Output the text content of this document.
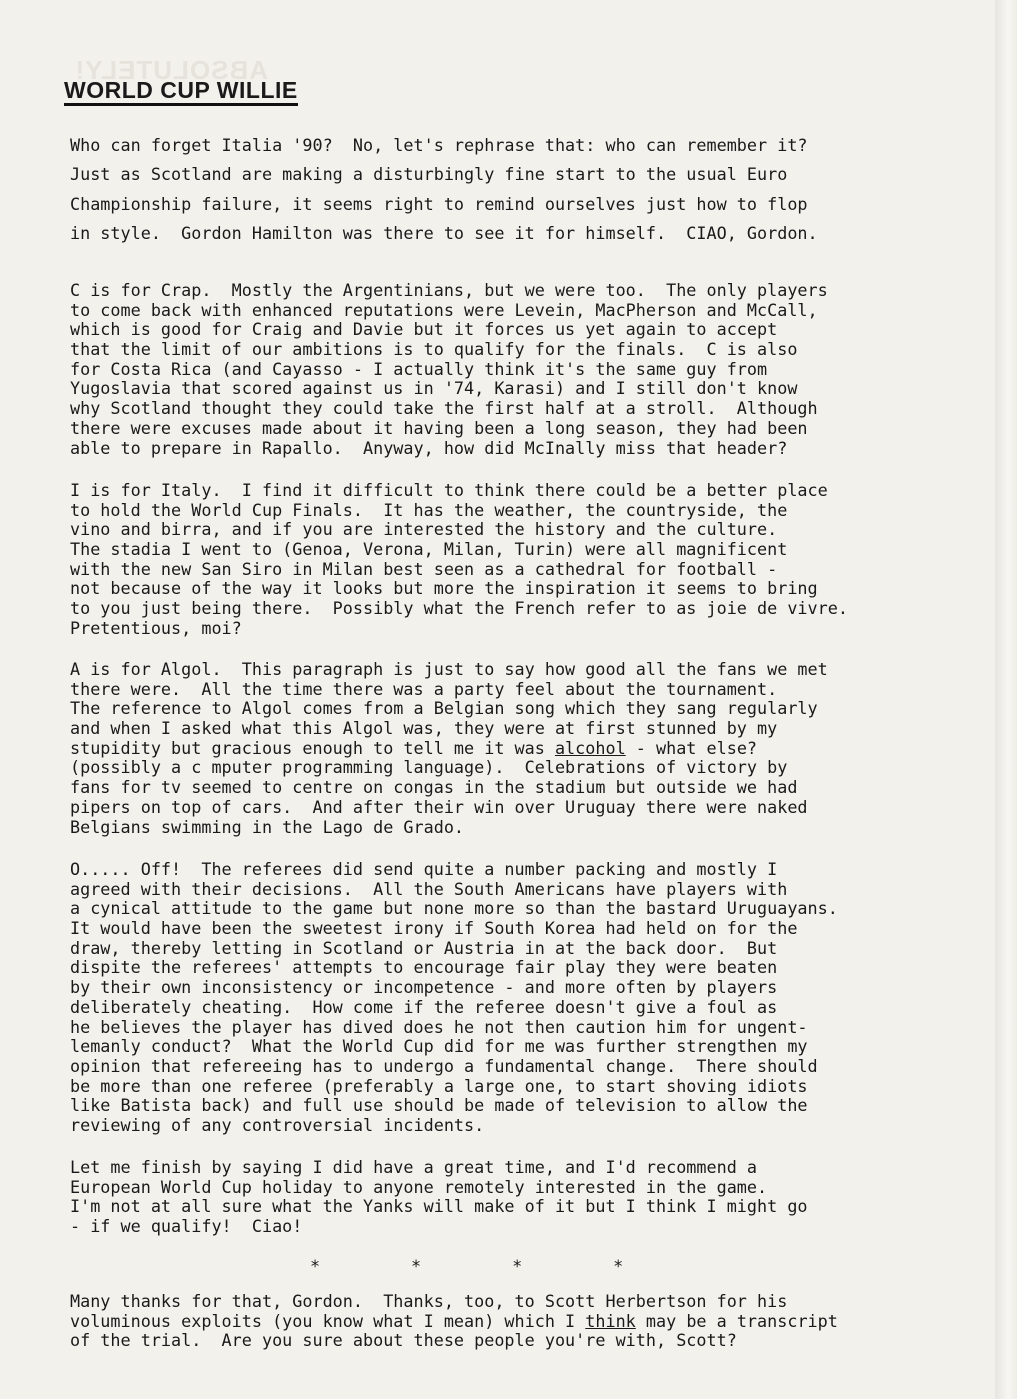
ABSOLUTELY!
WORLD CUP WILLIE
Who can forget Italia '90?  No, let's rephrase that: who can remember it?
Just as Scotland are making a disturbingly fine start to the usual Euro
Championship failure, it seems right to remind ourselves just how to flop
in style.  Gordon Hamilton was there to see it for himself.  CIAO, Gordon.
C is for Crap.  Mostly the Argentinians, but we were too.  The only players
to come back with enhanced reputations were Levein, MacPherson and McCall,
which is good for Craig and Davie but it forces us yet again to accept
that the limit of our ambitions is to qualify for the finals.  C is also
for Costa Rica (and Cayasso - I actually think it's the same guy from
Yugoslavia that scored against us in '74, Karasi) and I still don't know
why Scotland thought they could take the first half at a stroll.  Although
there were excuses made about it having been a long season, they had been
able to prepare in Rapallo.  Anyway, how did McInally miss that header?
I is for Italy.  I find it difficult to think there could be a better place
to hold the World Cup Finals.  It has the weather, the countryside, the
vino and birra, and if you are interested the history and the culture.
The stadia I went to (Genoa, Verona, Milan, Turin) were all magnificent
with the new San Siro in Milan best seen as a cathedral for football -
not because of the way it looks but more the inspiration it seems to bring
to you just being there.  Possibly what the French refer to as joie de vivre.
Pretentious, moi?
A is for Algol.  This paragraph is just to say how good all the fans we met
there were.  All the time there was a party feel about the tournament.
The reference to Algol comes from a Belgian song which they sang regularly
and when I asked what this Algol was, they were at first stunned by my
stupidity but gracious enough to tell me it was alcohol - what else?
(possibly a c mputer programming language).  Celebrations of victory by
fans for tv seemed to centre on congas in the stadium but outside we had
pipers on top of cars.  And after their win over Uruguay there were naked
Belgians swimming in the Lago de Grado.
O..... Off!  The referees did send quite a number packing and mostly I
agreed with their decisions.  All the South Americans have players with
a cynical attitude to the game but none more so than the bastard Uruguayans.
It would have been the sweetest irony if South Korea had held on for the
draw, thereby letting in Scotland or Austria in at the back door.  But
dispite the referees' attempts to encourage fair play they were beaten
by their own inconsistency or incompetence - and more often by players
deliberately cheating.  How come if the referee doesn't give a foul as
he believes the player has dived does he not then caution him for ungent-
lemanly conduct?  What the World Cup did for me was further strengthen my
opinion that refereeing has to undergo a fundamental change.  There should
be more than one referee (preferably a large one, to start shoving idiots
like Batista back) and full use should be made of television to allow the
reviewing of any controversial incidents.
Let me finish by saying I did have a great time, and I'd recommend a
European World Cup holiday to anyone remotely interested in the game.
I'm not at all sure what the Yanks will make of it but I think I might go
- if we qualify!  Ciao!
*         *         *         *
Many thanks for that, Gordon.  Thanks, too, to Scott Herbertson for his
voluminous exploits (you know what I mean) which I think may be a transcript
of the trial.  Are you sure about these people you're with, Scott?
